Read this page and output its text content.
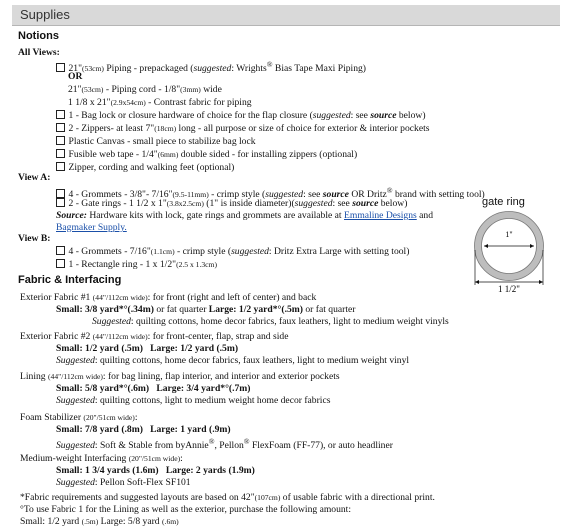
Supplies
Notions
All Views:
21"(53cm) Piping - prepackaged (suggested: Wrights® Bias Tape Maxi Piping)
OR
21"(53cm) - Piping cord - 1/8"(3mm) wide
1 1/8 x 21"(2.9x54cm) - Contrast fabric for piping
1 - Bag lock or closure hardware of choice for the flap closure (suggested: see source below)
2 - Zippers- at least 7"(18cm) long - all purpose or size of choice for exterior & interior pockets
Plastic Canvas - small piece to stabilize bag lock
Fusible web tape - 1/4"(6mm) double sided - for installing zippers (optional)
Zipper, cording and walking feet (optional)
View A:
4 - Grommets - 3/8"- 7/16"(9.5-11mm) - crimp style (suggested: see source OR Dritz® brand with setting tool)
2 - Gate rings - 1 1/2 x 1"(3.8x2.5cm) (1" is inside diameter)(suggested: see source below)
Source: Hardware kits with lock, gate rings and grommets are available at Emmaline Designs and
Bagmaker Supply.
View B:
4 - Grommets - 7/16"(1.1cm) - crimp style (suggested: Dritz Extra Large with setting tool)
1 - Rectangle ring - 1 x 1/2"(2.5 x 1.3cm)
gate ring
1"
1 1/2"
Fabric & Interfacing
Exterior Fabric #1 (44"/112cm wide): for front (right and left of center) and back
Small: 3/8 yard*°(.34m) or fat quarter Large: 1/2 yard*°(.5m) or fat quarter
Suggested: quilting cottons, home decor fabrics, faux leathers, light to medium weight vinyls
Exterior Fabric #2 (44"/112cm wide): for front-center, flap, strap and side
Small: 1/2 yard (.5m) Large: 1/2 yard (.5m)
Suggested: quilting cottons, home decor fabrics, faux leathers, light to medium weight vinyl
Lining (44"/112cm wide): for bag lining, flap interior, and interior and exterior pockets
Small: 5/8 yard*°(.6m) Large: 3/4 yard*°(.7m)
Suggested: quilting cottons, light to medium weight home decor fabrics
Foam Stabilizer (20"/51cm wide):
Small: 7/8 yard (.8m) Large: 1 yard (.9m)
Suggested: Soft & Stable from byAnnie®, Pellon® FlexFoam (FF-77), or auto headliner
Medium-weight Interfacing (20"/51cm wide):
Small: 1 3/4 yards (1.6m) Large: 2 yards (1.9m)
Suggested: Pellon Soft-Flex SF101
*Fabric requirements and suggested layouts are based on 42"(107cm) of usable fabric with a directional print.
°To use Fabric 1 for the Lining as well as the exterior, purchase the following amount:
Small: 1/2 yard (.5m) Large: 5/8 yard (.6m)
